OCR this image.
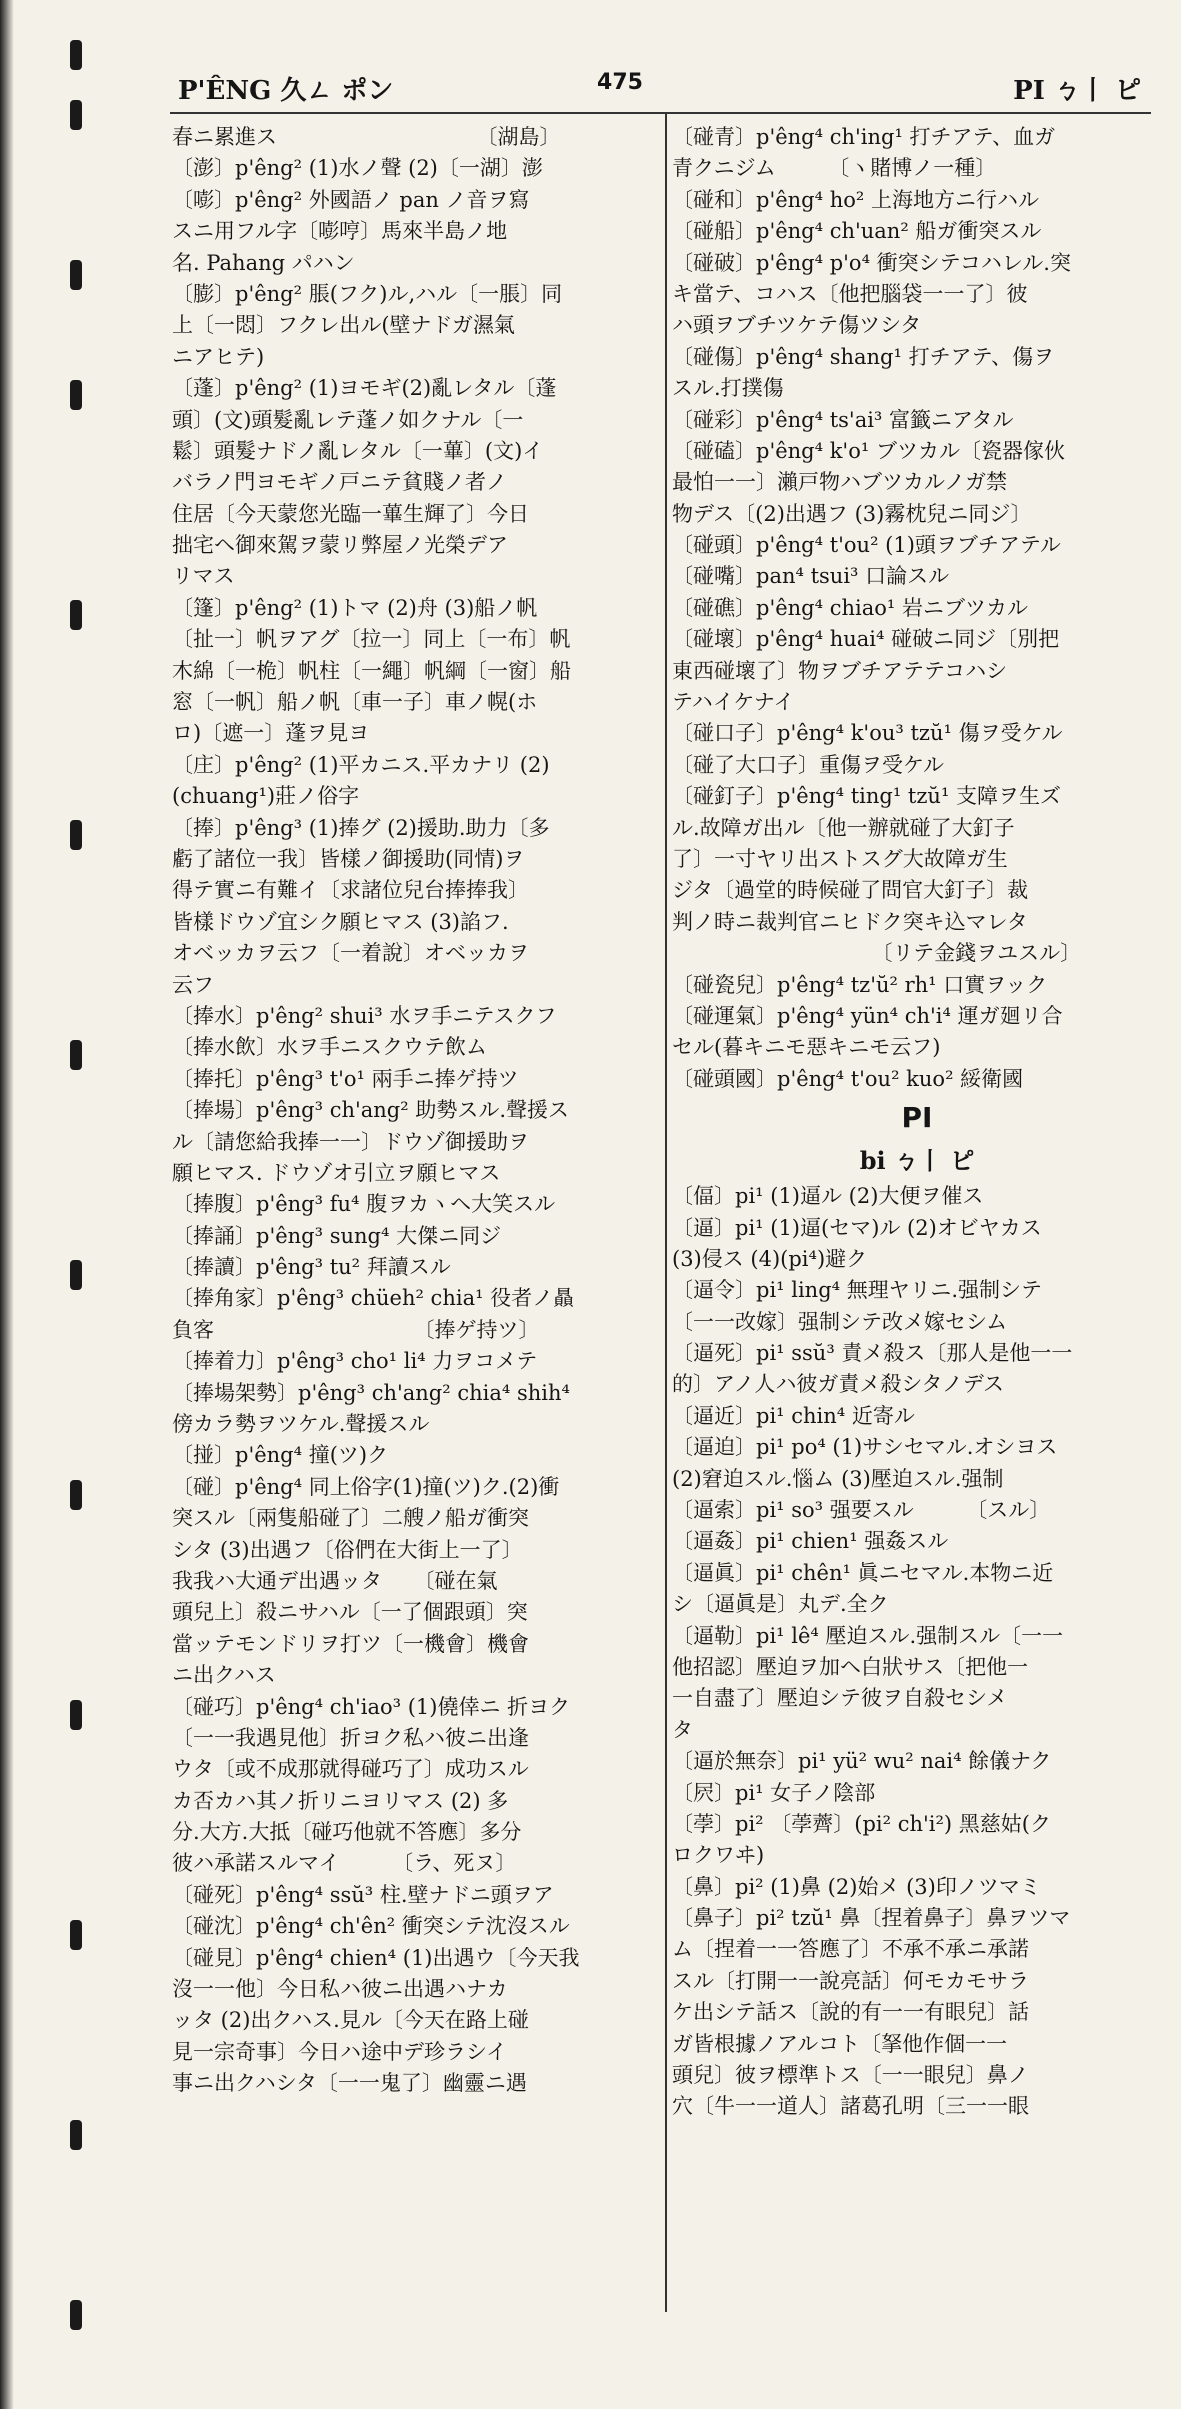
P'ÊNG 久ㄥ ポン	475	PI ㄅ丨 ピ
春ニ累進ス　　　　　　　　　　〔湖島〕
〔澎〕p'êng² (1)水ノ聲 (2)〔一湖〕澎
〔嘭〕p'êng² 外國語ノ pan ノ音ヲ寫
スニ用フル字〔嘭哼〕馬來半島ノ地
名. Pahang パハン
〔膨〕p'êng² 脹(フク)ル,ハル〔一脹〕同
上〔一悶〕フクレ出ル(壁ナドガ濕氣
ニアヒテ)
〔蓬〕p'êng² (1)ヨモギ(2)亂レタル〔蓬
頭〕(文)頭髮亂レテ蓬ノ如クナル〔一
鬆〕頭髮ナドノ亂レタル〔一蓽〕(文)イ
バラノ門ヨモギノ戸ニテ貧賤ノ者ノ
住居〔今天蒙您光臨一蓽生輝了〕今日
拙宅ヘ御來駕ヲ蒙リ弊屋ノ光榮デア
リマス
〔篷〕p'êng² (1)トマ (2)舟 (3)船ノ帆
〔扯一〕帆ヲアグ〔拉一〕同上〔一布〕帆
木綿〔一桅〕帆柱〔一繩〕帆綱〔一窗〕船
窓〔一帆〕船ノ帆〔車一子〕車ノ幌(ホ
ロ)〔遮一〕蓬ヲ見ヨ
〔庄〕p'êng² (1)平カニス.平カナリ (2)
(chuang¹)莊ノ俗字
〔捧〕p'êng³ (1)捧グ (2)援助.助力〔多
虧了諸位一我〕皆樣ノ御援助(同情)ヲ
得テ實ニ有難イ〔求諸位兒台捧捧我〕
皆樣ドウゾ宜シク願ヒマス (3)諂フ.
オベッカヲ云フ〔一着說〕オベッカヲ
云フ
〔捧水〕p'êng² shui³ 水ヲ手ニテスクフ
〔捧水飲〕水ヲ手ニスクウテ飲ム
〔捧托〕p'êng³ t'o¹ 兩手ニ捧ゲ持ツ
〔捧場〕p'êng³ ch'ang² 助勢スル.聲援ス
ル〔請您給我捧一一〕ドウゾ御援助ヲ
願ヒマス. ドウゾオ引立ヲ願ヒマス
〔捧腹〕p'êng³ fu⁴ 腹ヲカヽヘ大笑スル
〔捧誦〕p'êng³ sung⁴ 大傑ニ同ジ
〔捧讀〕p'êng³ tu² 拜讀スル
〔捧角家〕p'êng³ chüeh² chia¹ 役者ノ贔
負客　　　　　　　　　　〔捧ゲ持ツ〕
〔捧着力〕p'êng³ cho¹ li⁴ 力ヲコメテ
〔捧場架勢〕p'êng³ ch'ang² chia⁴ shih⁴
傍カラ勢ヲツケル.聲援スル
〔掽〕p'êng⁴ 撞(ツ)ク
〔碰〕p'êng⁴ 同上俗字(1)撞(ツ)ク.(2)衝
突スル〔兩隻船碰了〕二艘ノ船ガ衝突
シタ (3)出遇フ〔俗們在大街上一了〕
我我ハ大通デ出遇ッタ　　〔碰在氣
頭兒上〕殺ニサハル〔一了個跟頭〕突
當ッテモンドリヲ打ツ〔一機會〕機會
ニ出クハス
〔碰巧〕p'êng⁴ ch'iao³ (1)僥倖ニ 折ヨク
〔一一我遇見他〕折ヨク私ハ彼ニ出逢
ウタ〔或不成那就得碰巧了〕成功スル
カ否カハ其ノ折リニヨリマス (2) 多
分.大方.大抵〔碰巧他就不答應〕多分
彼ハ承諾スルマイ　　　〔ラ、死ヌ〕
〔碰死〕p'êng⁴ ssŭ³ 柱.壁ナドニ頭ヲア
〔碰沈〕p'êng⁴ ch'ên² 衝突シテ沈沒スル
〔碰見〕p'êng⁴ chien⁴ (1)出遇ウ〔今天我
沒一一他〕今日私ハ彼ニ出遇ハナカ
ッタ (2)出クハス.見ル〔今天在路上碰
見一宗奇事〕今日ハ途中デ珍ラシイ
事ニ出クハシタ〔一一鬼了〕幽靈ニ遇
〔碰青〕p'êng⁴ ch'ing¹ 打チアテ、血ガ
青クニジム　　　〔ヽ賭博ノ一種〕
〔碰和〕p'êng⁴ ho² 上海地方ニ行ハル
〔碰船〕p'êng⁴ ch'uan² 船ガ衝突スル
〔碰破〕p'êng⁴ p'o⁴ 衝突シテコハレル.突
キ當テ、コハス〔他把腦袋一一了〕彼
ハ頭ヲブチツケテ傷ツシタ
〔碰傷〕p'êng⁴ shang¹ 打チアテ、傷ヲ
スル.打撲傷
〔碰彩〕p'êng⁴ ts'ai³ 富籤ニアタル
〔碰磕〕p'êng⁴ k'o¹ ブツカル〔瓷器傢伙
最怕一一〕瀨戸物ハブツカルノガ禁
物デス〔(2)出遇フ (3)霧枕兒ニ同ジ〕
〔碰頭〕p'êng⁴ t'ou² (1)頭ヲブチアテル
〔碰嘴〕pan⁴ tsui³ 口論スル
〔碰礁〕p'êng⁴ chiao¹ 岩ニブツカル
〔碰壞〕p'êng⁴ huai⁴ 碰破ニ同ジ〔別把
東西碰壞了〕物ヲブチアテテコハシ
テハイケナイ
〔碰口子〕p'êng⁴ k'ou³ tzŭ¹ 傷ヲ受ケル
〔碰了大口子〕重傷ヲ受ケル
〔碰釘子〕p'êng⁴ ting¹ tzŭ¹ 支障ヲ生ズ
ル.故障ガ出ル〔他一辦就碰了大釘子
了〕一寸ヤリ出ストスグ大故障ガ生
ジタ〔過堂的時候碰了問官大釘子〕裁
判ノ時ニ裁判官ニヒドク突キ込マレタ
　　　　　　　　　　〔リテ金錢ヲユスル〕
〔碰瓷兒〕p'êng⁴ tz'ŭ² rh¹ 口實ヲック
〔碰運氣〕p'êng⁴ yün⁴ ch'i⁴ 運ガ廻リ合
セル(暮キニモ惡キニモ云フ)
〔碰頭國〕p'êng⁴ t'ou² kuo² 綏衛國
PI
bi ㄅ丨 ピ
〔偪〕pi¹ (1)逼ル (2)大便ヲ催ス
〔逼〕pi¹ (1)逼(セマ)ル (2)オビヤカス
(3)侵ス (4)(pi⁴)避ク
〔逼令〕pi¹ ling⁴ 無理ヤリニ.强制シテ
〔一一改嫁〕强制シテ改メ嫁セシム
〔逼死〕pi¹ ssŭ³ 責メ殺ス〔那人是他一一
的〕アノ人ハ彼ガ責メ殺シタノデス
〔逼近〕pi¹ chin⁴ 近寄ル
〔逼迫〕pi¹ po⁴ (1)サシセマル.オシヨス
(2)窘迫スル.惱ム (3)壓迫スル.强制
〔逼索〕pi¹ so³ 强要スル　　　〔スル〕
〔逼姦〕pi¹ chien¹ 强姦スル
〔逼眞〕pi¹ chên¹ 眞ニセマル.本物ニ近
シ〔逼眞是〕丸デ.全ク
〔逼勒〕pi¹ lê⁴ 壓迫スル.强制スル〔一一
他招認〕壓迫ヲ加ヘ白狀サス〔把他一
一自盡了〕壓迫シテ彼ヲ自殺セシメ
タ
〔逼於無奈〕pi¹ yü² wu² nai⁴ 餘儀ナク
〔屄〕pi¹ 女子ノ陰部
〔荸〕pi² 〔荸薺〕(pi² ch'i²) 黑慈姑(ク
ロクワヰ)
〔鼻〕pi² (1)鼻 (2)始メ (3)印ノツマミ
〔鼻子〕pi² tzŭ¹ 鼻〔捏着鼻子〕鼻ヲツマ
ム〔捏着一一答應了〕不承不承ニ承諾
スル〔打開一一說亮話〕何モカモサラ
ケ出シテ話ス〔說的有一一有眼兒〕話
ガ皆根據ノアルコト〔拏他作個一一
頭兒〕彼ヲ標準トス〔一一眼兒〕鼻ノ
穴〔牛一一道人〕諸葛孔明〔三一一眼
